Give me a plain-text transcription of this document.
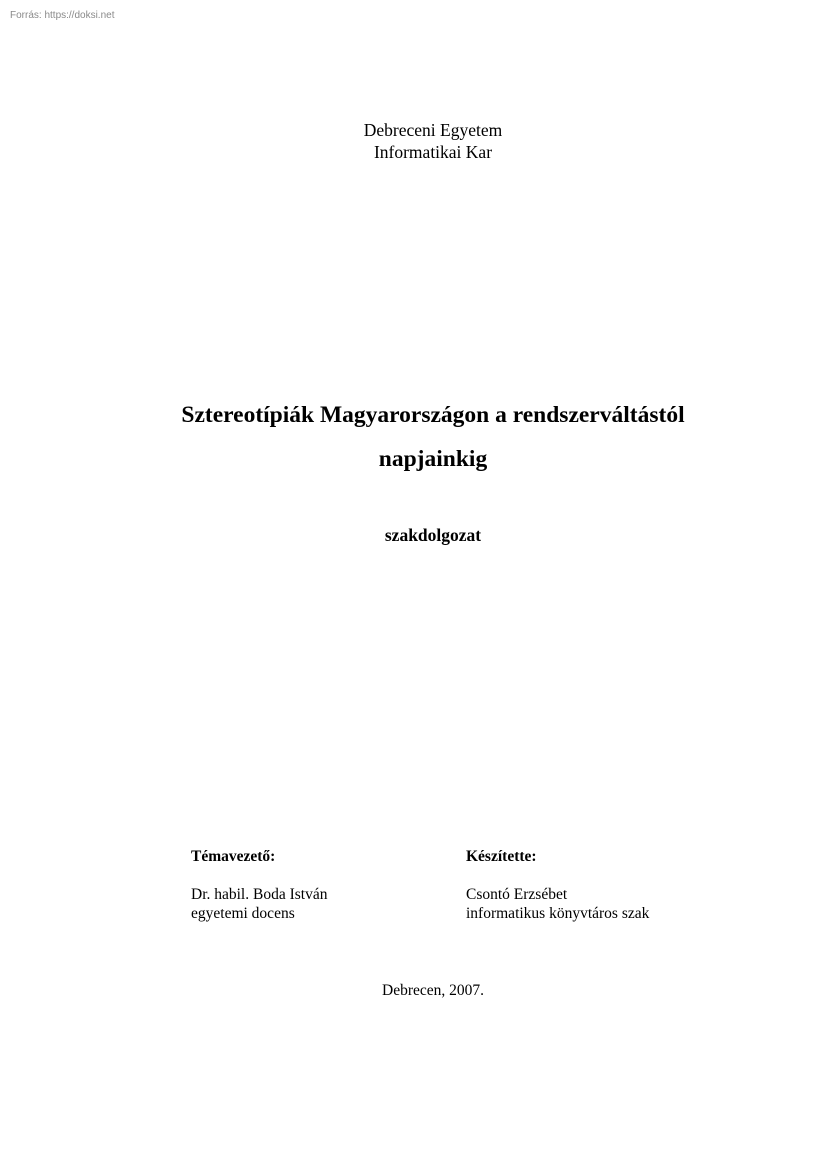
Forrás: https://doksi.net
Debreceni Egyetem
Informatikai Kar
Sztereotípiák Magyarországon a rendszerváltástól
napjainkig
szakdolgozat
Témavezető:
Dr. habil. Boda István
egyetemi docens
Készítette:
Csontó Erzsébet
informatikus könyvtáros szak
Debrecen, 2007.
